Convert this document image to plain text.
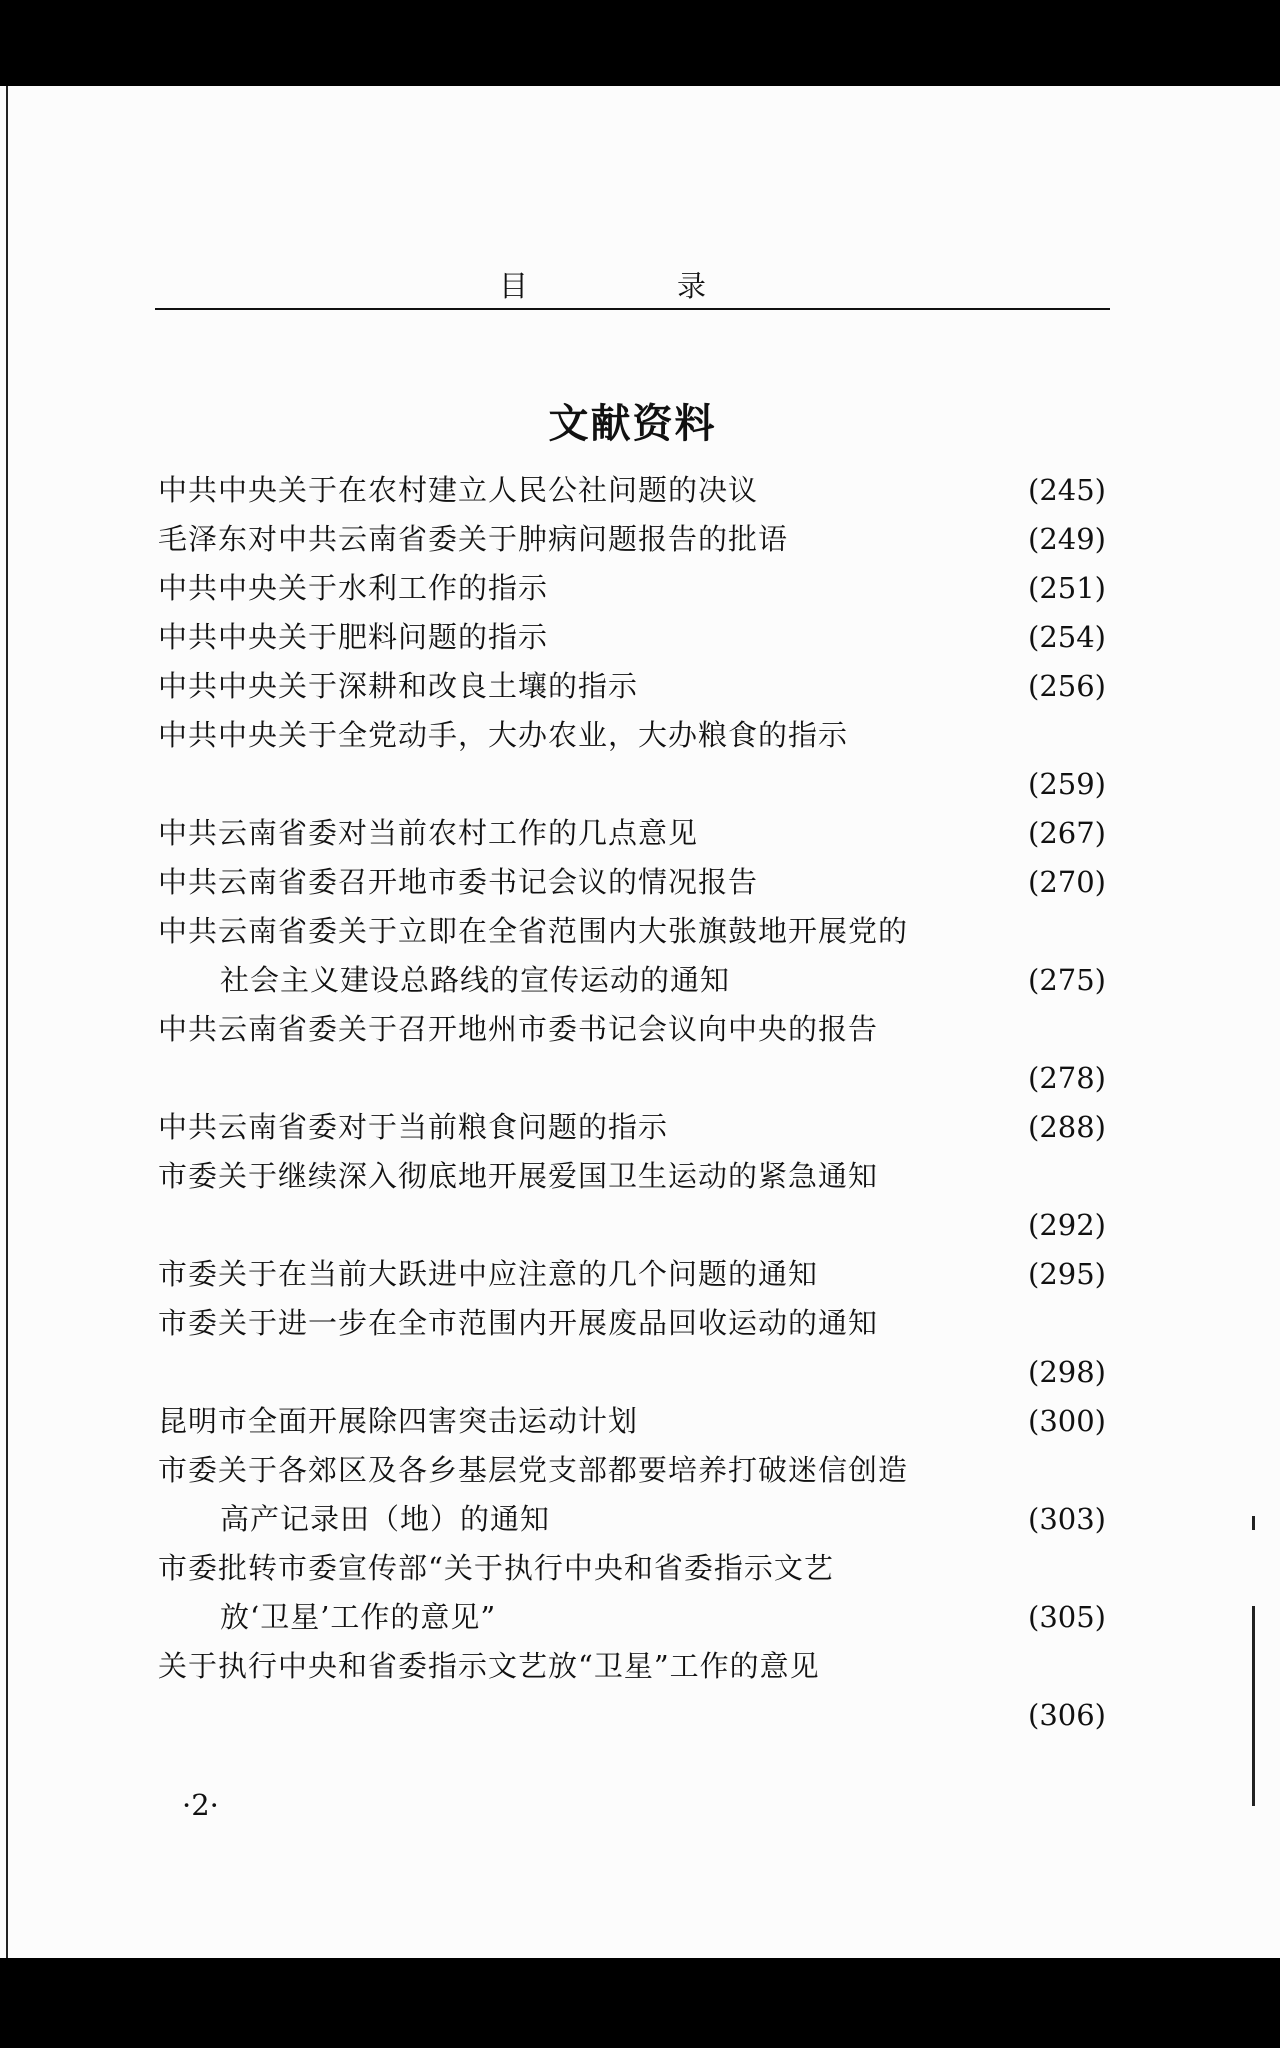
目　录
文献资料
中共中央关于在农村建立人民公社问题的决议	(245)
毛泽东对中共云南省委关于肿病问题报告的批语	(249)
中共中央关于水利工作的指示	(251)
中共中央关于肥料问题的指示	(254)
中共中央关于深耕和改良土壤的指示	(256)
中共中央关于全党动手，大办农业，大办粮食的指示
(259)
中共云南省委对当前农村工作的几点意见	(267)
中共云南省委召开地市委书记会议的情况报告	(270)
中共云南省委关于立即在全省范围内大张旗鼓地开展党的
社会主义建设总路线的宣传运动的通知	(275)
中共云南省委关于召开地州市委书记会议向中央的报告
(278)
中共云南省委对于当前粮食问题的指示	(288)
市委关于继续深入彻底地开展爱国卫生运动的紧急通知
(292)
市委关于在当前大跃进中应注意的几个问题的通知	(295)
市委关于进一步在全市范围内开展废品回收运动的通知
(298)
昆明市全面开展除四害突击运动计划	(300)
市委关于各郊区及各乡基层党支部都要培养打破迷信创造
高产记录田（地）的通知	(303)
市委批转市委宣传部“关于执行中央和省委指示文艺
放‘卫星’工作的意见”	(305)
关于执行中央和省委指示文艺放“卫星”工作的意见
(306)
·2·
